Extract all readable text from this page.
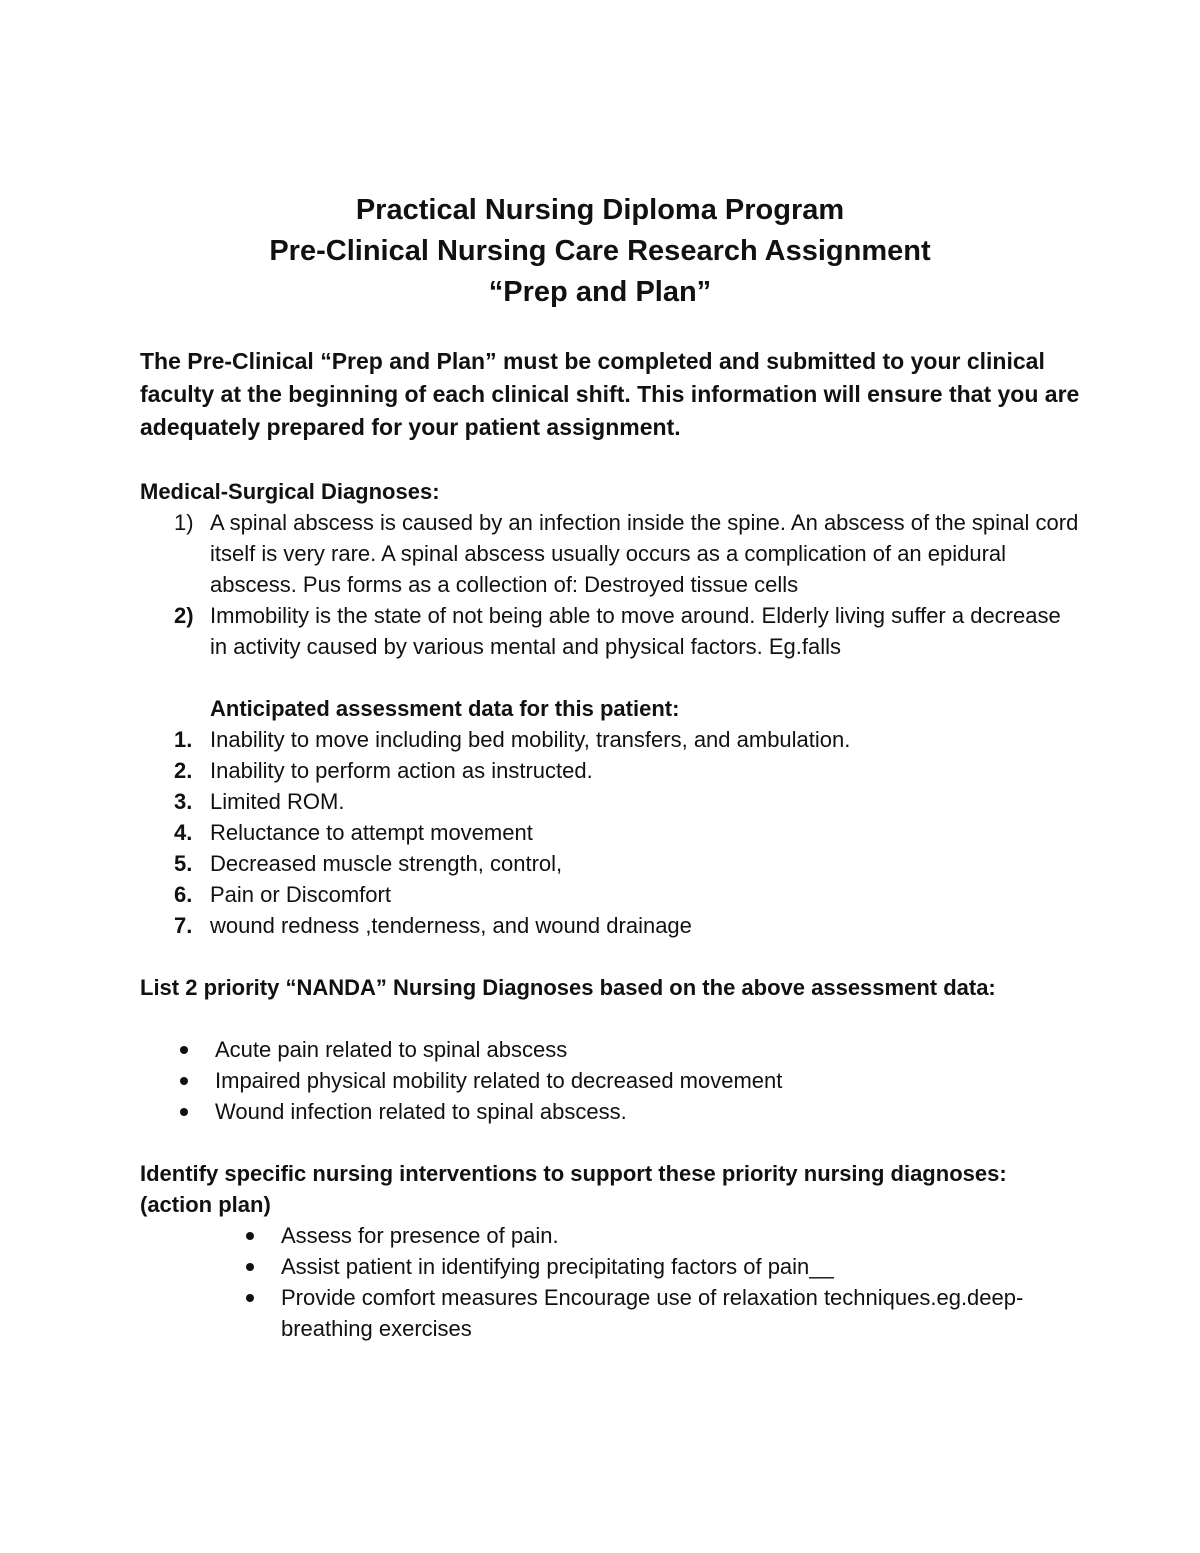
Practical Nursing Diploma Program
Pre-Clinical Nursing Care Research Assignment
“Prep and Plan”

The Pre-Clinical “Prep and Plan” must be completed and submitted to your clinical faculty at the beginning of each clinical shift. This information will ensure that you are adequately prepared for your patient assignment.

Medical-Surgical Diagnoses:

1) A spinal abscess is caused by an infection inside the spine. An abscess of the spinal cord itself is very rare. A spinal abscess usually occurs as a complication of an epidural abscess. Pus forms as a collection of: Destroyed tissue cells
2) Immobility is the state of not being able to move around. Elderly living suffer a decrease in activity caused by various mental and physical factors. Eg.falls

Anticipated assessment data for this patient:

1. Inability to move including bed mobility, transfers, and ambulation.
2. Inability to perform action as instructed.
3. Limited ROM.
4. Reluctance to attempt movement
5. Decreased muscle strength, control,
6. Pain or Discomfort
7. wound redness ,tenderness, and wound drainage

List 2 priority “NANDA” Nursing Diagnoses based on the above assessment data:

Acute pain related to spinal abscess
Impaired physical mobility related to decreased movement
Wound infection related to spinal abscess.

Identify specific nursing interventions to support these priority nursing diagnoses: (action plan)

Assess for presence of pain.
Assist patient in identifying precipitating factors of pain__
Provide comfort measures Encourage use of relaxation techniques.eg.deep-breathing exercises
